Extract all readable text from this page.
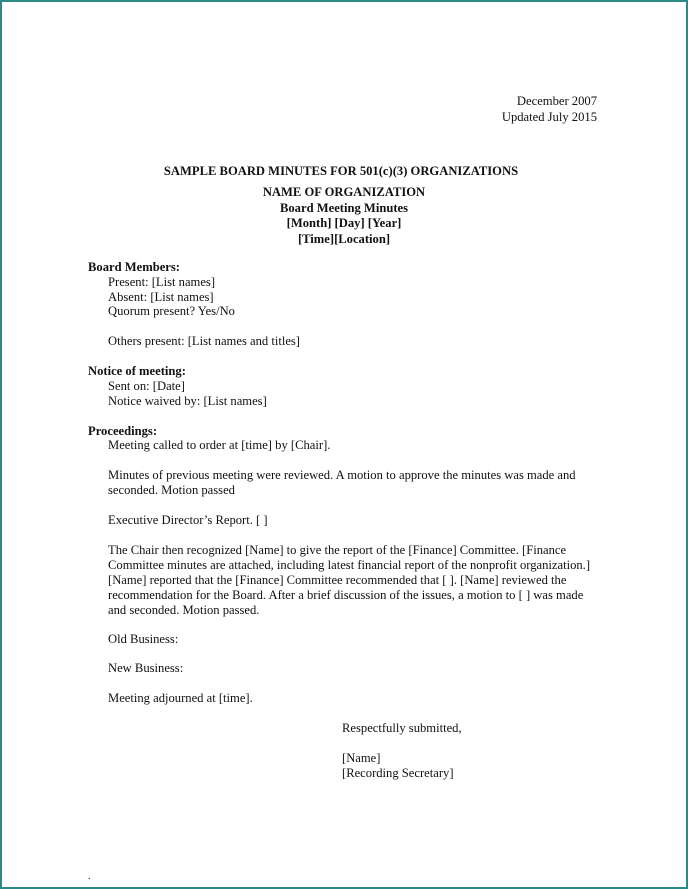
December 2007

Updated July 2015

SAMPLE BOARD MINUTES FOR 501(c)(3) ORGANIZATIONS

NAME OF ORGANIZATION

Board Meeting Minutes

[Month] [Day] [Year]

[Time][Location]

Board Members:

Present: [List names]

Absent: [List names]

Quorum present? Yes/No

Others present: [List names and titles]

Notice of meeting:

Sent on: [Date]

Notice waived by: [List names]

Proceedings:

Meeting called to order at [time] by [Chair].

Minutes of previous meeting were reviewed. A motion to approve the minutes was made and seconded. Motion passed

Executive Director’s Report. [ ]

The Chair then recognized [Name] to give the report of the [Finance] Committee. [Finance Committee minutes are attached, including latest financial report of the nonprofit organization.] [Name] reported that the [Finance] Committee recommended that [ ]. [Name] reviewed the recommendation for the Board. After a brief discussion of the issues, a motion to [ ] was made and seconded. Motion passed.

Old Business:

New Business:

Meeting adjourned at [time].

Respectfully submitted,

[Name]

[Recording Secretary]

.
